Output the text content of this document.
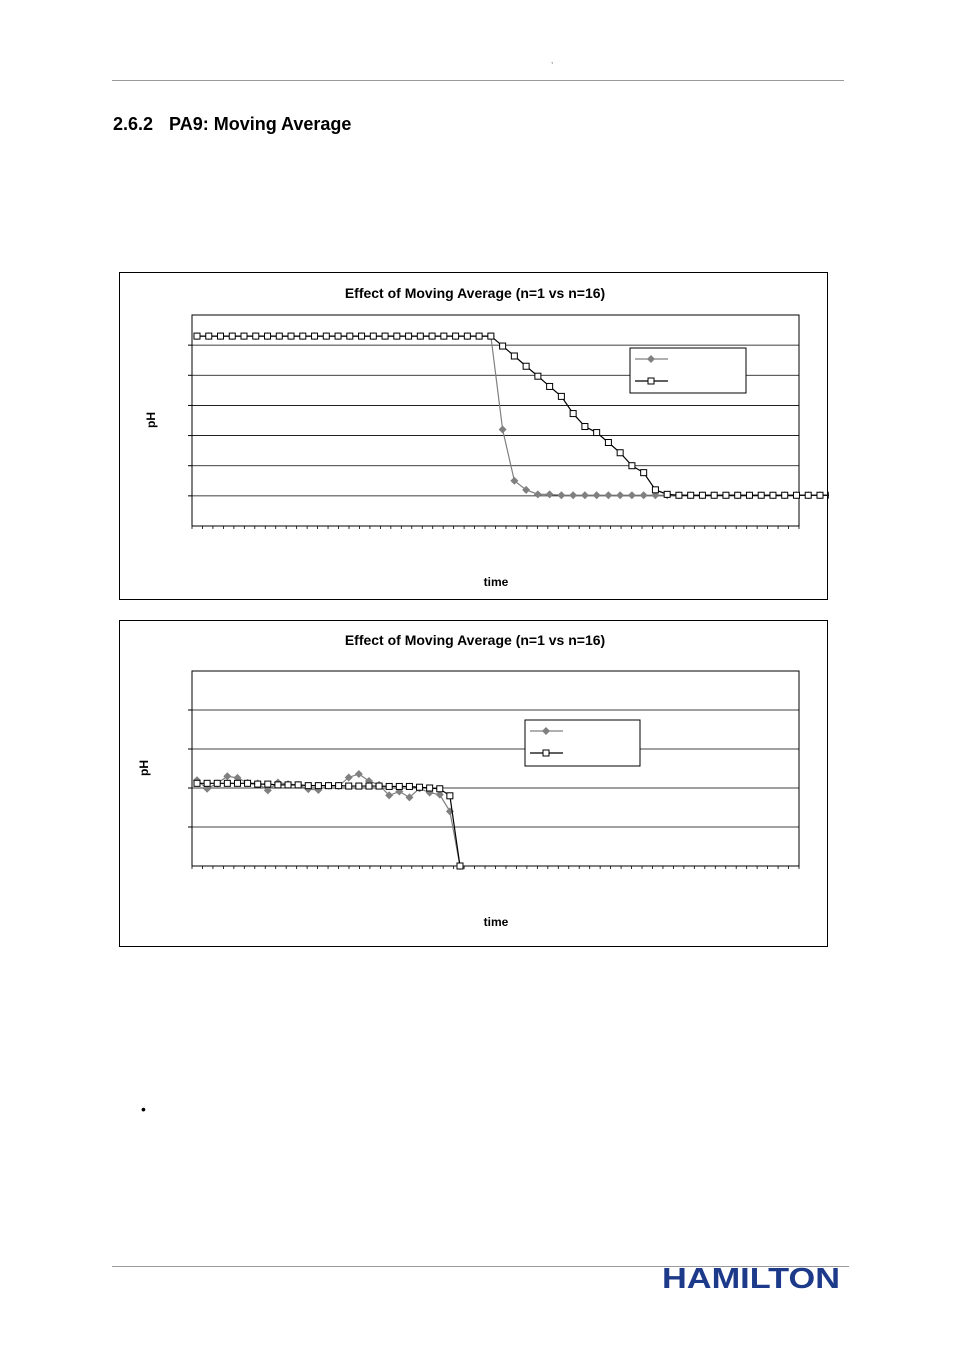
,
2.6.2 PA9: Moving Average
Effect of Moving Average (n=1 vs n=16)
time
pH
Effect of Moving Average (n=1 vs n=16)
time
pH
•
HAMILTON
